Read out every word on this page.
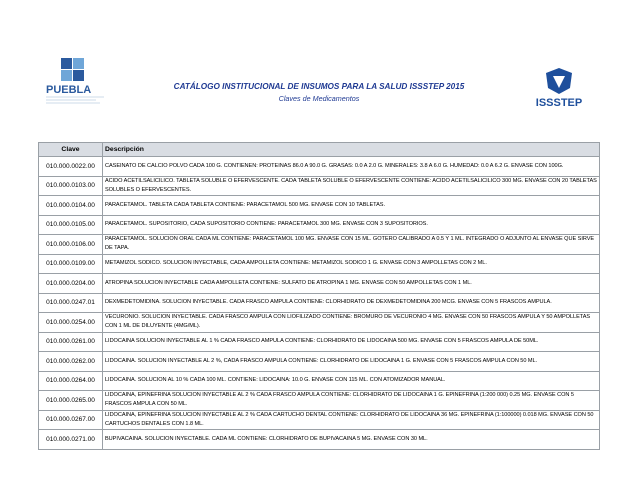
PUEBLA	CATÁLOGO INSTITUCIONAL DE INSUMOS PARA LA SALUD ISSSTEP 2015
Claves de Medicamentos	ISSSTEP
Clave	Descripción
010.000.0022.00	CASEINATO DE CALCIO POLVO CADA 100 G. CONTIENEN: PROTEINAS 86.0 A 90.0 G. GRASAS: 0.0 A 2.0 G. MINERALES: 3.8 A 6.0 G. HUMEDAD: 0.0 A 6.2 G. ENVASE CON 100G.
010.000.0103.00	ACIDO ACETILSALICILICO. TABLETA SOLUBLE O EFERVESCENTE. CADA TABLETA SOLUBLE O EFERVESCENTE CONTIENE: ACIDO ACETILSALICILICO 300 MG. ENVASE CON 20 TABLETAS SOLUBLES O EFERVESCENTES.
010.000.0104.00	PARACETAMOL. TABLETA CADA TABLETA CONTIENE: PARACETAMOL 500 MG. ENVASE CON 10 TABLETAS.
010.000.0105.00	PARACETAMOL. SUPOSITORIO, CADA SUPOSITORIO CONTIENE: PARACETAMOL 300 MG. ENVASE CON 3 SUPOSITORIOS.
010.000.0106.00	PARACETAMOL. SOLUCION ORAL CADA ML CONTIENE: PARACETAMOL 100 MG. ENVASE CON 15 ML. GOTERO CALIBRADO A 0.5 Y 1 ML. INTEGRADO O ADJUNTO AL ENVASE QUE SIRVE DE TAPA.
010.000.0109.00	METAMIZOL SODICO. SOLUCION INYECTABLE, CADA AMPOLLETA CONTIENE: METAMIZOL SODICO 1 G. ENVASE CON 3 AMPOLLETAS CON 2 ML.
010.000.0204.00	ATROPINA SOLUCION INYECTABLE CADA AMPOLLETA CONTIENE: SULFATO DE ATROPINA 1 MG. ENVASE CON 50 AMPOLLETAS CON 1 ML.
010.000.0247.01	DEXMEDETOMIDINA. SOLUCION INYECTABLE. CADA FRASCO AMPULA CONTIENE: CLORHIDRATO DE DEXMEDETOMIDINA 200 MCG. ENVASE CON 5 FRASCOS AMPULA.
010.000.0254.00	VECURONIO. SOLUCION INYECTABLE. CADA FRASCO AMPULA CON LIOFILIZADO CONTIENE: BROMURO DE VECURONIO 4 MG. ENVASE CON 50 FRASCOS AMPULA Y 50 AMPOLLETAS CON 1 ML DE DILUYENTE (4MG/ML).
010.000.0261.00	LIDOCAINA SOLUCION INYECTABLE AL 1 % CADA FRASCO AMPULA CONTIENE: CLORHIDRATO DE LIDOCAINA 500 MG. ENVASE CON 5 FRASCOS AMPULA DE 50ML.
010.000.0262.00	LIDOCAINA. SOLUCION INYECTABLE AL 2 %, CADA FRASCO AMPULA CONTIENE: CLORHIDRATO DE LIDOCAINA 1 G. ENVASE CON 5 FRASCOS AMPULA CON 50 ML.
010.000.0264.00	LIDOCAINA. SOLUCION AL 10 % CADA 100 ML. CONTIENE: LIDOCAINA: 10.0 G. ENVASE CON 115 ML. CON ATOMIZADOR MANUAL.
010.000.0265.00	LIDOCAINA, EPINEFRINA SOLUCION INYECTABLE AL 2 % CADA FRASCO AMPULA CONTIENE: CLORHIDRATO DE LIDOCAINA 1 G. EPINEFRINA (1:200 000) 0.25 MG. ENVASE CON 5 FRASCOS AMPULA CON 50 ML.
010.000.0267.00	LIDOCAINA, EPINEFRINA SOLUCION INYECTABLE AL 2 % CADA CARTUCHO DENTAL CONTIENE: CLORHIDRATO DE LIDOCAINA 36 MG. EPINEFRINA (1:100000) 0.018 MG. ENVASE CON 50 CARTUCHOS DENTALES CON 1.8 ML.
010.000.0271.00	BUPIVACAINA. SOLUCION INYECTABLE. CADA ML CONTIENE: CLORHIDRATO DE BUPIVACAINA 5 MG. ENVASE CON 30 ML.
